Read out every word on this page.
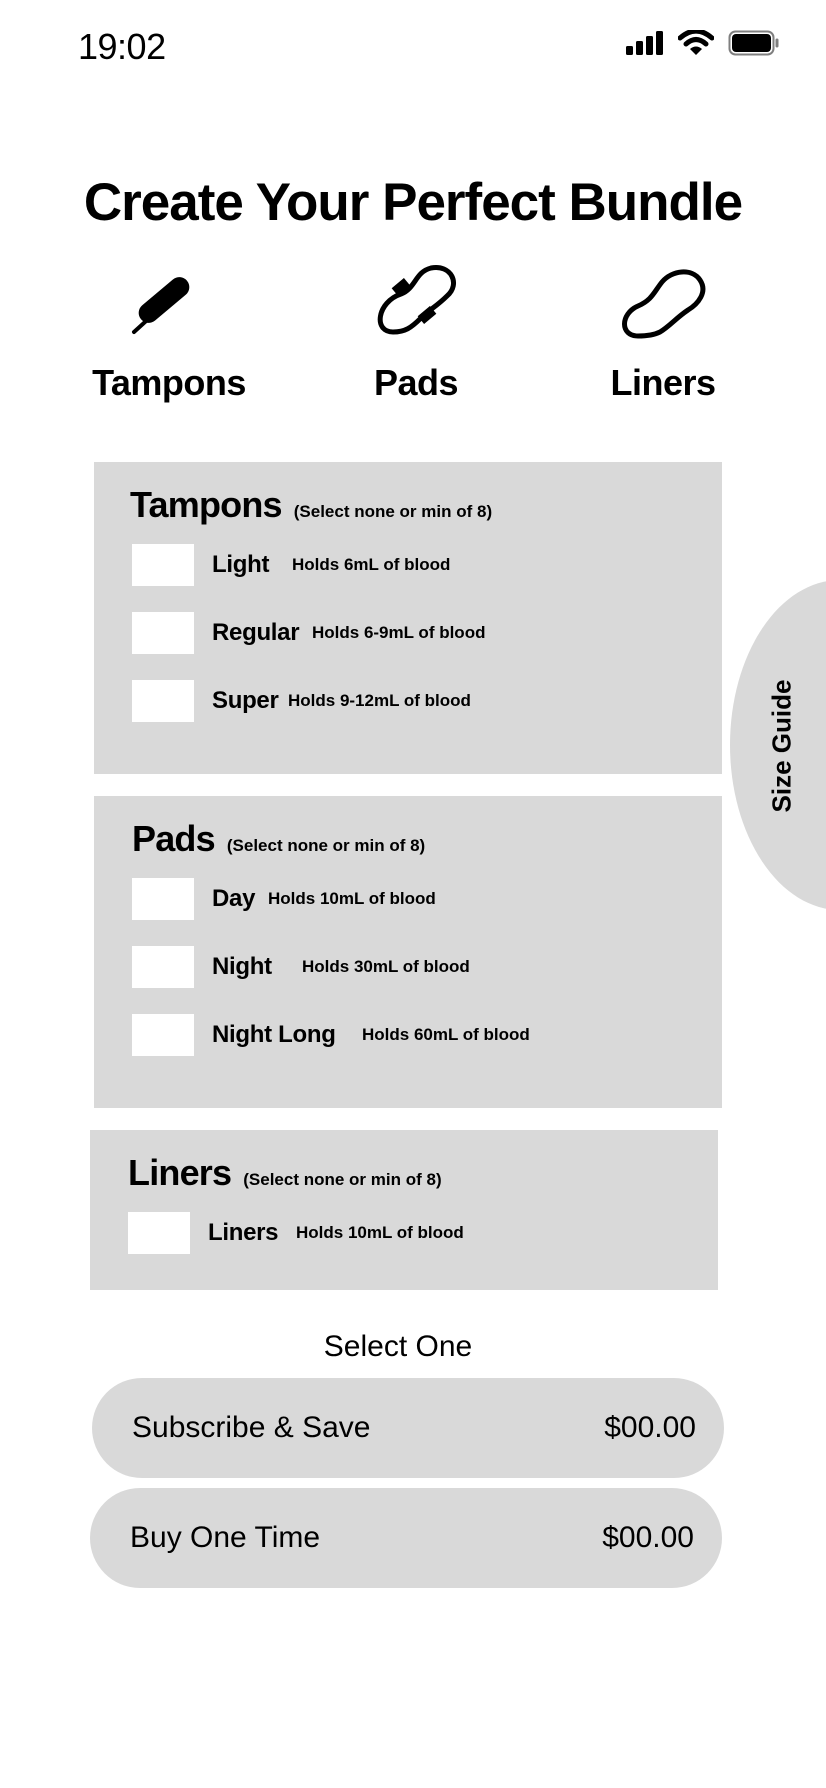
19:02
Create Your Perfect Bundle
Tampons	Pads	Liners
Tampons (Select none or min of 8)
Light	Holds 6mL of blood
Regular Holds 6-9mL of blood
Super Holds 9-12mL of blood
Pads (Select none or min of 8)
Day Holds 10mL of blood
Night	Holds 30mL of blood
Night Long	Holds 60mL of blood
Liners (Select none or min of 8)
Liners	Holds 10mL of blood
Size Guide
Select One
Subscribe & Save	$00.00
Buy One Time	$00.00
